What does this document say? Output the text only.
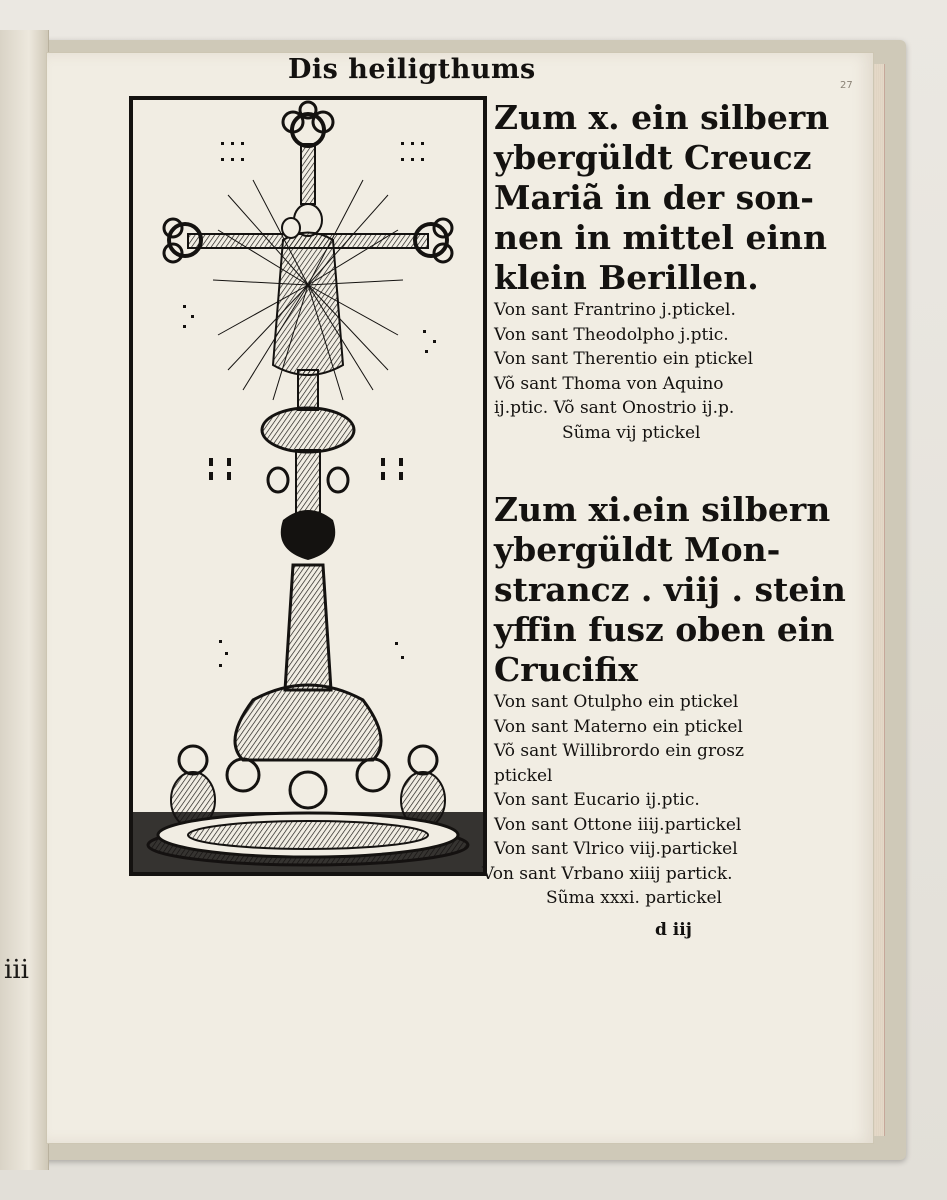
iii
27
Dis heiligthums

Zum x. ein silbern

ybergüldt Creucz

Mariã in der son-

nen in mittel einn

klein Berillen.

Von sant Frantrino j.ptickel.

Von sant Theodolpho j.ptic.

Von sant Therentio ein ptickel

Võ sant Thoma von Aquino

ij.ptic. Võ sant Onostrio ij.p.

Sũma vij ptickel

Zum xi.ein silbern

ybergüldt Mon-

strancz . viij . stein

yffin fusz oben ein

Crucifix

Von sant Otulpho ein ptickel

Von sant Materno ein ptickel

Võ sant Willibrordo ein grosz

ptickel

Von sant Eucario ij.ptic.

Von sant Ottone iiij.partickel

Von sant Vlrico viij.partickel

Von sant Vrbano xiiij partick.

Sũma xxxi. partickel

d iij
